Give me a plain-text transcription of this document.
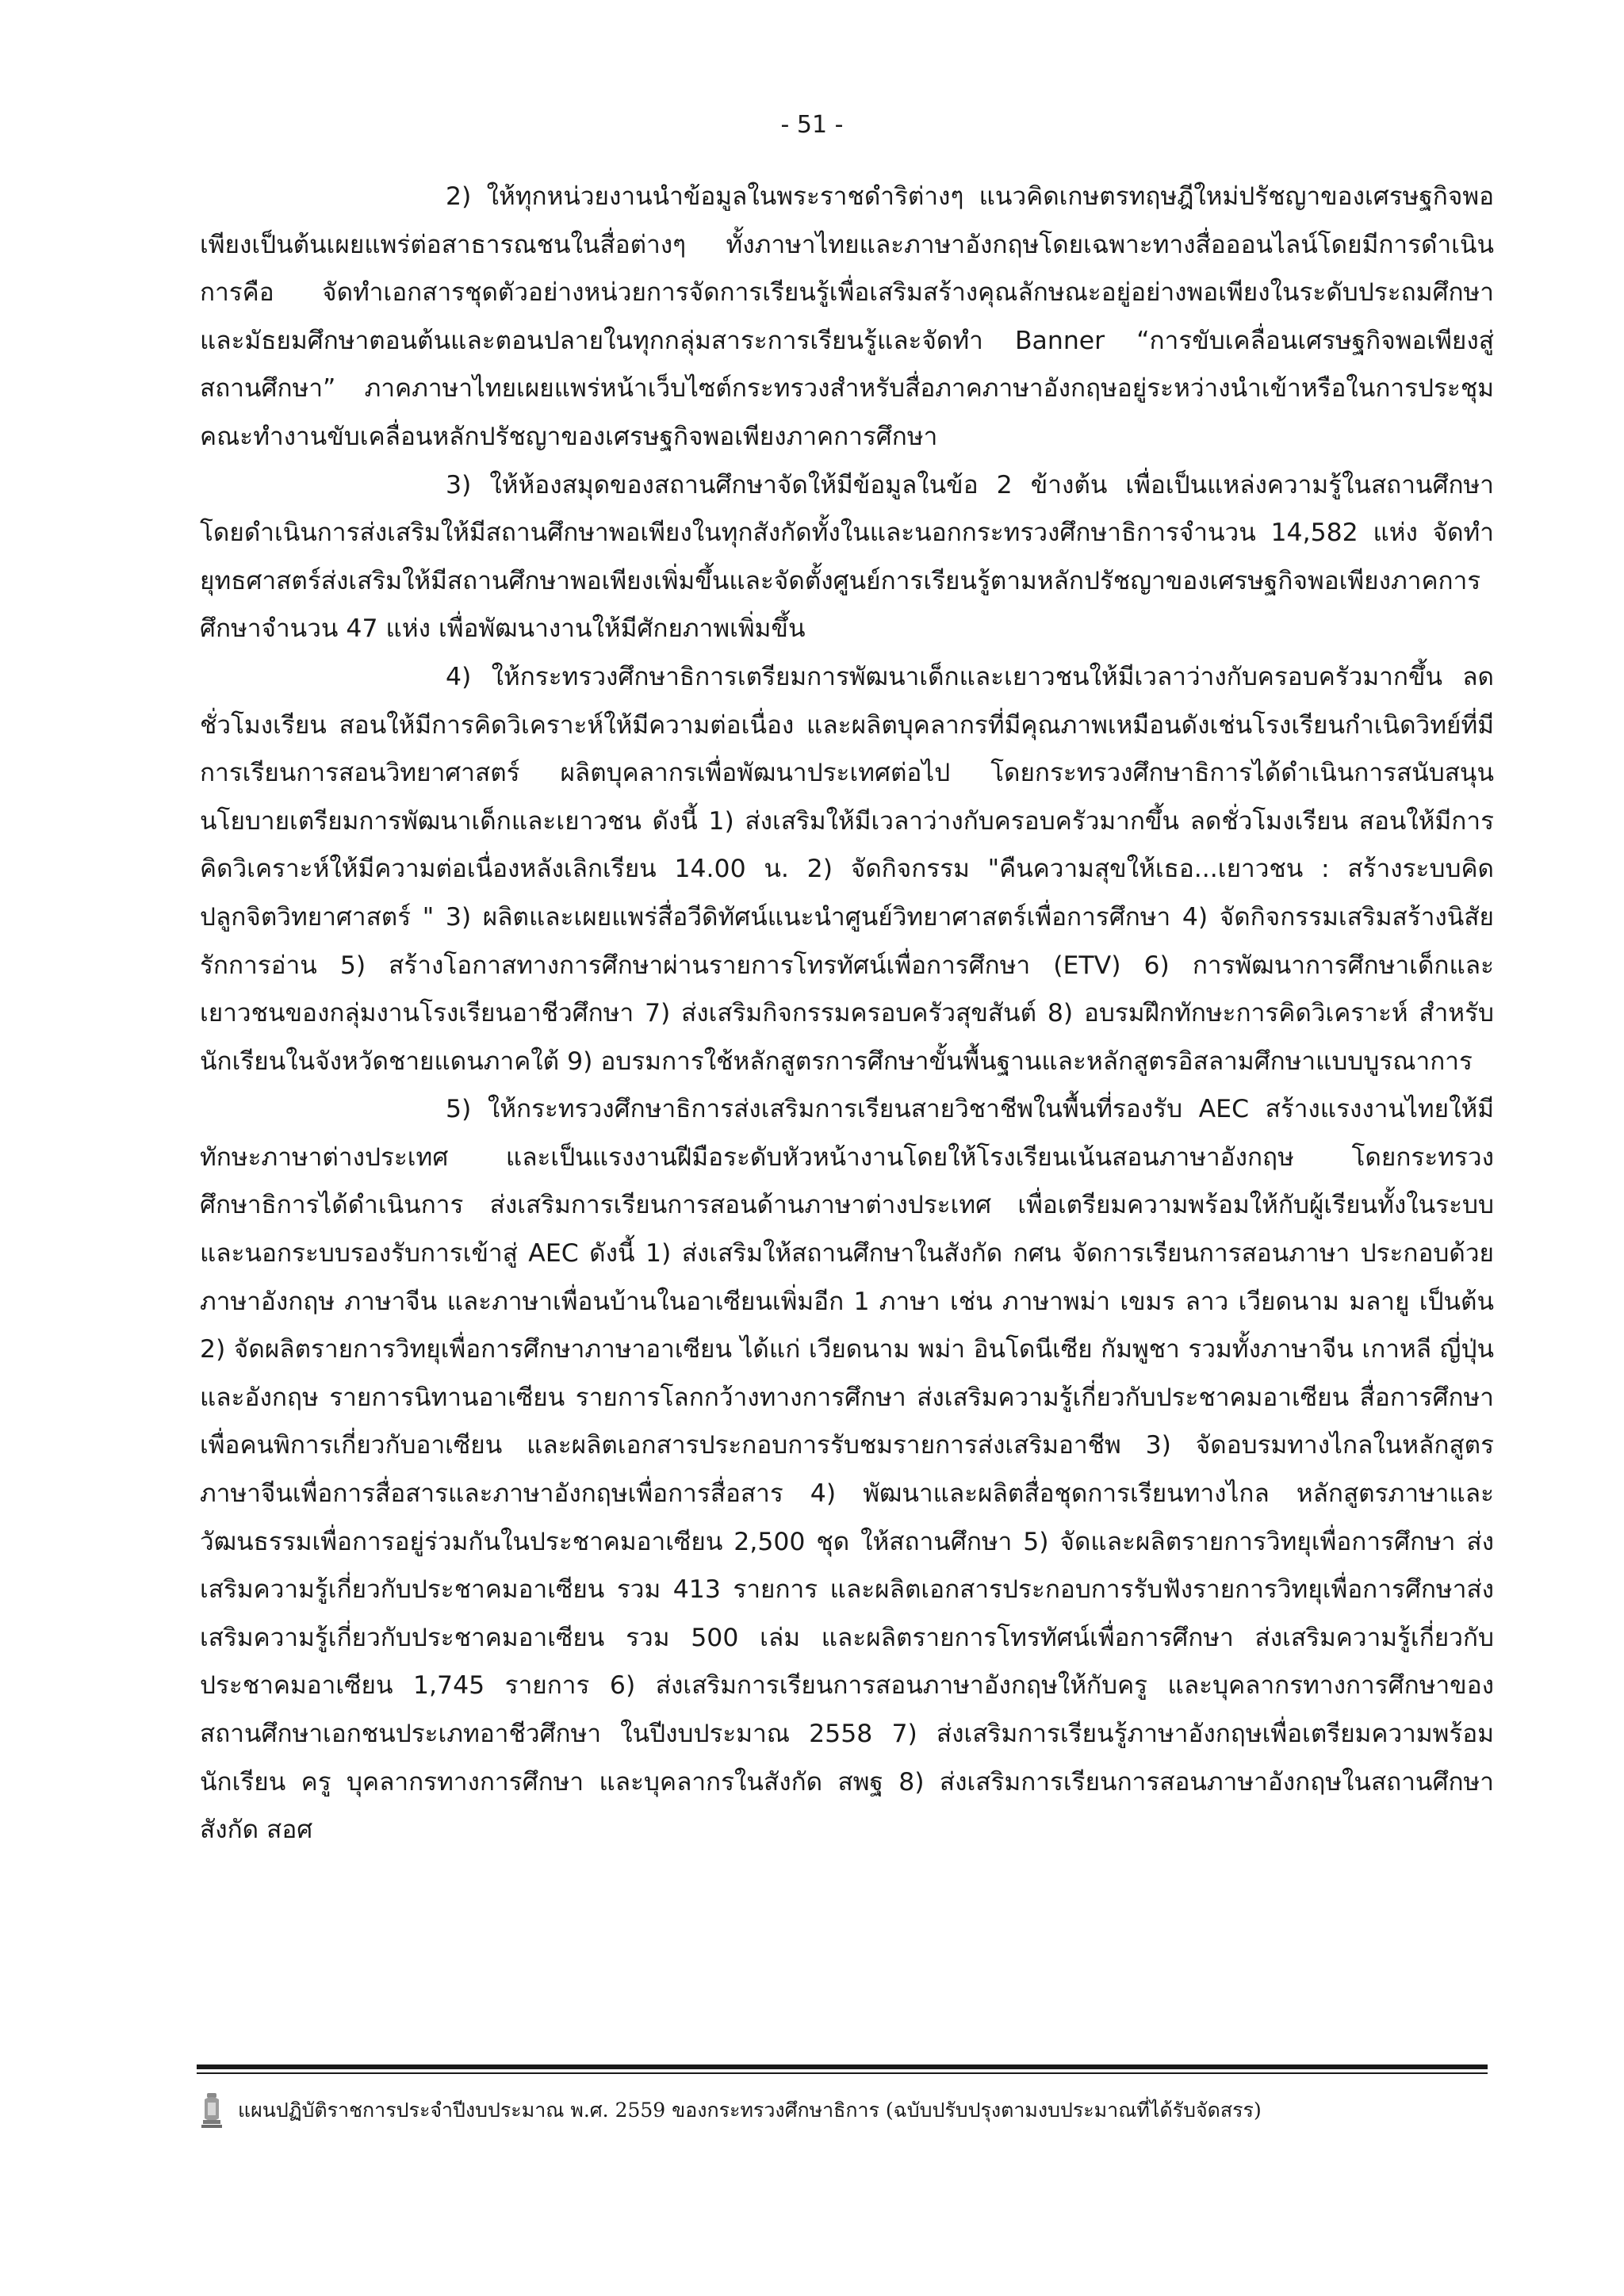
- 51 -

2) ให้ทุกหน่วยงานนำข้อมูลในพระราชดำริต่างๆ แนวคิดเกษตรทฤษฎีใหม่ปรัชญาของเศรษฐกิจพอเพียงเป็นต้นเผยแพร่ต่อสาธารณชนในสื่อต่างๆ ทั้งภาษาไทยและภาษาอังกฤษโดยเฉพาะทางสื่อออนไลน์โดยมีการดำเนินการคือ จัดทำเอกสารชุดตัวอย่างหน่วยการจัดการเรียนรู้เพื่อเสริมสร้างคุณลักษณะอยู่อย่างพอเพียงในระดับประถมศึกษาและมัธยมศึกษาตอนต้นและตอนปลายในทุกกลุ่มสาระการเรียนรู้และจัดทำ Banner “การขับเคลื่อนเศรษฐกิจพอเพียงสู่สถานศึกษา” ภาคภาษาไทยเผยแพร่หน้าเว็บไซต์กระทรวงสำหรับสื่อภาคภาษาอังกฤษอยู่ระหว่างนำเข้าหรือในการประชุมคณะทำงานขับเคลื่อนหลักปรัชญาของเศรษฐกิจพอเพียงภาคการศึกษา

3) ให้ห้องสมุดของสถานศึกษาจัดให้มีข้อมูลในข้อ 2 ข้างต้น เพื่อเป็นแหล่งความรู้ในสถานศึกษา โดยดำเนินการส่งเสริมให้มีสถานศึกษาพอเพียงในทุกสังกัดทั้งในและนอกกระทรวงศึกษาธิการจำนวน 14,582 แห่ง จัดทำยุทธศาสตร์ส่งเสริมให้มีสถานศึกษาพอเพียงเพิ่มขึ้นและจัดตั้งศูนย์การเรียนรู้ตามหลักปรัชญาของเศรษฐกิจพอเพียงภาคการศึกษาจำนวน 47 แห่ง เพื่อพัฒนางานให้มีศักยภาพเพิ่มขึ้น

4) ให้กระทรวงศึกษาธิการเตรียมการพัฒนาเด็กและเยาวชนให้มีเวลาว่างกับครอบครัวมากขึ้น ลดชั่วโมงเรียน สอนให้มีการคิดวิเคราะห์ให้มีความต่อเนื่อง และผลิตบุคลากรที่มีคุณภาพเหมือนดังเช่นโรงเรียนกำเนิดวิทย์ที่มีการเรียนการสอนวิทยาศาสตร์ ผลิตบุคลากรเพื่อพัฒนาประเทศต่อไป โดยกระทรวงศึกษาธิการได้ดำเนินการสนับสนุนนโยบายเตรียมการพัฒนาเด็กและเยาวชน ดังนี้ 1) ส่งเสริมให้มีเวลาว่างกับครอบครัวมากขึ้น ลดชั่วโมงเรียน สอนให้มีการคิดวิเคราะห์ให้มีความต่อเนื่องหลังเลิกเรียน 14.00 น. 2) จัดกิจกรรม "คืนความสุขให้เธอ...เยาวชน : สร้างระบบคิด ปลูกจิตวิทยาศาสตร์ " 3) ผลิตและเผยแพร่สื่อวีดิทัศน์แนะนำศูนย์วิทยาศาสตร์เพื่อการศึกษา 4) จัดกิจกรรมเสริมสร้างนิสัยรักการอ่าน 5) สร้างโอกาสทางการศึกษาผ่านรายการโทรทัศน์เพื่อการศึกษา (ETV) 6) การพัฒนาการศึกษาเด็กและเยาวชนของกลุ่มงานโรงเรียนอาชีวศึกษา 7) ส่งเสริมกิจกรรมครอบครัวสุขสันต์ 8) อบรมฝึกทักษะการคิดวิเคราะห์ สำหรับ นักเรียนในจังหวัดชายแดนภาคใต้ 9) อบรมการใช้หลักสูตรการศึกษาขั้นพื้นฐานและหลักสูตรอิสลามศึกษาแบบบูรณาการ

5) ให้กระทรวงศึกษาธิการส่งเสริมการเรียนสายวิชาชีพในพื้นที่รองรับ AEC สร้างแรงงานไทยให้มีทักษะภาษาต่างประเทศ และเป็นแรงงานฝีมือระดับหัวหน้างานโดยให้โรงเรียนเน้นสอนภาษาอังกฤษ โดยกระทรวงศึกษาธิการได้ดำเนินการ ส่งเสริมการเรียนการสอนด้านภาษาต่างประเทศ เพื่อเตรียมความพร้อมให้กับผู้เรียนทั้งในระบบและนอกระบบรองรับการเข้าสู่ AEC ดังนี้ 1) ส่งเสริมให้สถานศึกษาในสังกัด กศน จัดการเรียนการสอนภาษา ประกอบด้วย ภาษาอังกฤษ ภาษาจีน และภาษาเพื่อนบ้านในอาเซียนเพิ่มอีก 1 ภาษา เช่น ภาษาพม่า เขมร ลาว เวียดนาม มลายู เป็นต้น 2) จัดผลิตรายการวิทยุเพื่อการศึกษาภาษาอาเซียน ได้แก่ เวียดนาม พม่า อินโดนีเซีย กัมพูชา รวมทั้งภาษาจีน เกาหลี ญี่ปุ่น และอังกฤษ รายการนิทานอาเซียน รายการโลกกว้างทางการศึกษา ส่งเสริมความรู้เกี่ยวกับประชาคมอาเซียน สื่อการศึกษาเพื่อคนพิการเกี่ยวกับอาเซียน และผลิตเอกสารประกอบการรับชมรายการส่งเสริมอาชีพ 3) จัดอบรมทางไกลในหลักสูตรภาษาจีนเพื่อการสื่อสารและภาษาอังกฤษเพื่อการสื่อสาร 4) พัฒนาและผลิตสื่อชุดการเรียนทางไกล หลักสูตรภาษาและวัฒนธรรมเพื่อการอยู่ร่วมกันในประชาคมอาเซียน 2,500 ชุด ให้สถานศึกษา 5) จัดและผลิตรายการวิทยุเพื่อการศึกษา ส่งเสริมความรู้เกี่ยวกับประชาคมอาเซียน รวม 413 รายการ และผลิตเอกสารประกอบการรับฟังรายการวิทยุเพื่อการศึกษาส่งเสริมความรู้เกี่ยวกับประชาคมอาเซียน รวม 500 เล่ม และผลิตรายการโทรทัศน์เพื่อการศึกษา ส่งเสริมความรู้เกี่ยวกับประชาคมอาเซียน 1,745 รายการ 6) ส่งเสริมการเรียนการสอนภาษาอังกฤษให้กับครู และบุคลากรทางการศึกษาของสถานศึกษาเอกชนประเภทอาชีวศึกษา ในปีงบประมาณ 2558 7) ส่งเสริมการเรียนรู้ภาษาอังกฤษเพื่อเตรียมความพร้อม นักเรียน ครู บุคลากรทางการศึกษา และบุคลากรในสังกัด สพฐ 8) ส่งเสริมการเรียนการสอนภาษาอังกฤษในสถานศึกษาสังกัด สอศ

แผนปฏิบัติราชการประจำปีงบประมาณ พ.ศ. 2559 ของกระทรวงศึกษาธิการ (ฉบับปรับปรุงตามงบประมาณที่ได้รับจัดสรร)
